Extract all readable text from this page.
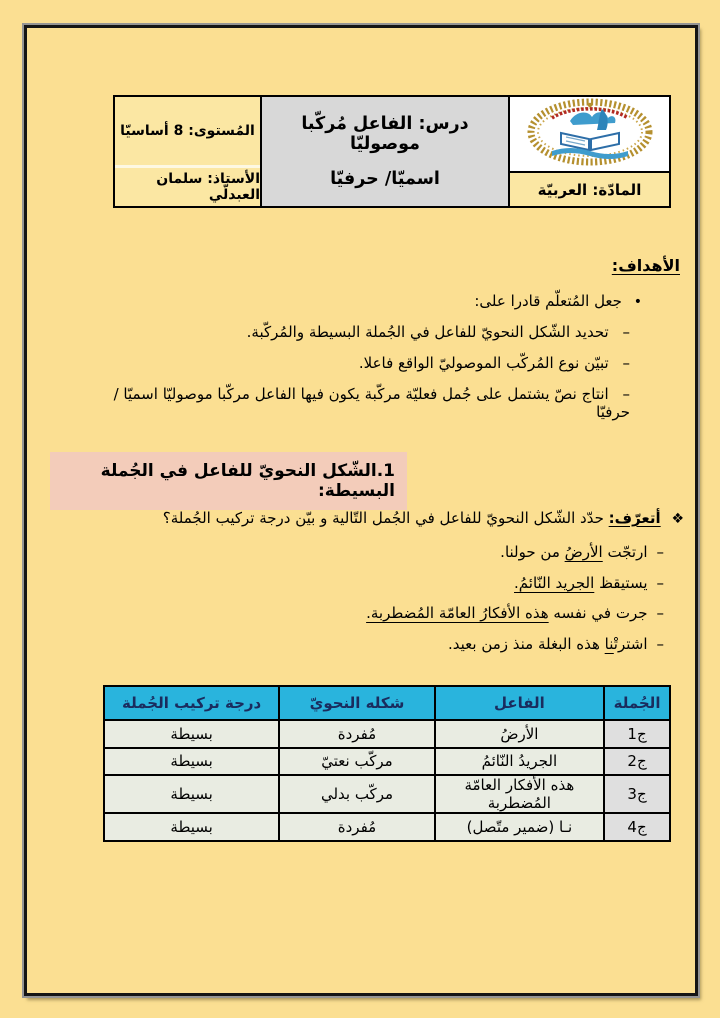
المادّة: العربيّة
درس: الفاعل مُركّبا موصوليّا
اسميّا/ حرفيّا
المُستوى: 8 أساسيّا
الأستاذ: سلمان العبدلّي
الأهداف:
• جعل المُتعلّم قادرا على:
– تحديد الشّكل النحويّ للفاعل في الجُملة البسيطة والمُركّبة.
– تبيّن نوع المُركّب الموصوليّ الواقع فاعلا.
– انتاج نصّ يشتمل على جُمل فعليّة مركّبة يكون فيها الفاعل مركّبا موصوليّا اسميّا / حرفيّا
1.الشّكل النحويّ للفاعل في الجُملة البسيطة:
❖ أتعرّف: حدّد الشّكل النحويّ للفاعل في الجُمل التّالية و بيّن درجة تركيب الجُملة؟
–ارتجّت الأرضُ من حولنا.
–يستيقظ الجريد النّائمُ.
–جرت في نفسه هذه الأفكارُ العامّة المُضطربة.
–اشترتْ‍‍نا هذه البغلة منذ زمن بعيد.
الجُملة	الفاعل	شكله النحويّ	درجة تركيب الجُملة
ج1	الأرضُ	مُفردة	بسيطة
ج2	الجريدُ النّائمُ	مركّب نعتيّ	بسيطة
ج3	هذه الأفكار العامّة المُضطربة	مركّب بدلي	بسيطة
ج4	نـا (ضمير متّصل)	مُفردة	بسيطة
